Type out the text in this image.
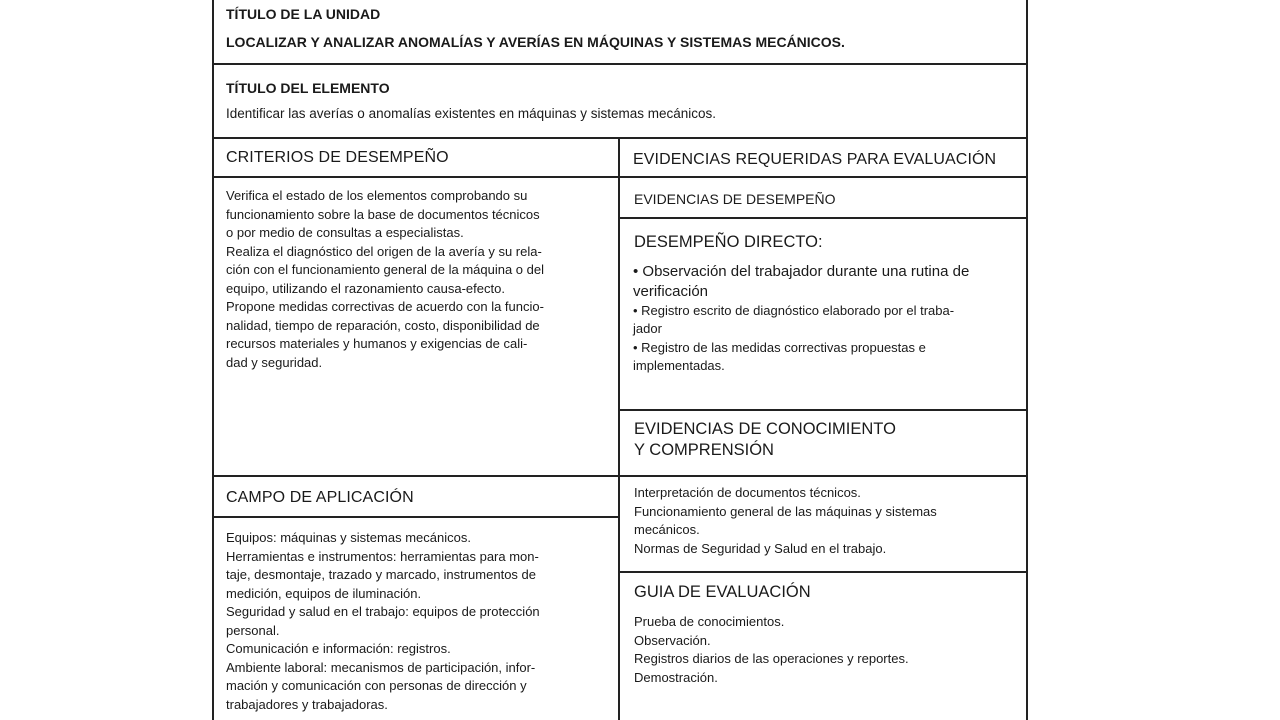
TÍTULO DE LA UNIDAD
LOCALIZAR Y ANALIZAR ANOMALÍAS Y AVERÍAS EN MÁQUINAS Y SISTEMAS MECÁNICOS.
TÍTULO DEL ELEMENTO
Identificar las averías o anomalías existentes en máquinas y sistemas mecánicos.
CRITERIOS DE DESEMPEÑO	EVIDENCIAS REQUERIDAS PARA EVALUACIÓN
EVIDENCIAS DE DESEMPEÑO
Verifica el estado de los elementos comprobando su
funcionamiento sobre la base de documentos técnicos
o por medio de consultas a especialistas.
Realiza el diagnóstico del origen de la avería y su rela-
ción con el funcionamiento general de la máquina o del
equipo, utilizando el razonamiento causa-efecto.
Propone medidas correctivas de acuerdo con la funcio-
nalidad, tiempo de reparación, costo, disponibilidad de
recursos materiales y humanos y exigencias de cali-
dad y seguridad.
DESEMPEÑO DIRECTO:
• Observación del trabajador durante una rutina de
verificación
• Registro escrito de diagnóstico elaborado por el traba-
jador
• Registro de las medidas correctivas propuestas e
implementadas.
EVIDENCIAS DE CONOCIMIENTO
Y COMPRENSIÓN
CAMPO DE APLICACIÓN	Interpretación de documentos técnicos.
Funcionamiento general de las máquinas y sistemas
mecánicos.
Normas de Seguridad y Salud en el trabajo.
Equipos: máquinas y sistemas mecánicos.
Herramientas e instrumentos: herramientas para mon-
taje, desmontaje, trazado y marcado, instrumentos de
medición, equipos de iluminación.
Seguridad y salud en el trabajo: equipos de protección
personal.
Comunicación e información: registros.
Ambiente laboral: mecanismos de participación, infor-
mación y comunicación con personas de dirección y
trabajadores y trabajadoras.
GUIA DE EVALUACIÓN
Prueba de conocimientos.
Observación.
Registros diarios de las operaciones y reportes.
Demostración.
